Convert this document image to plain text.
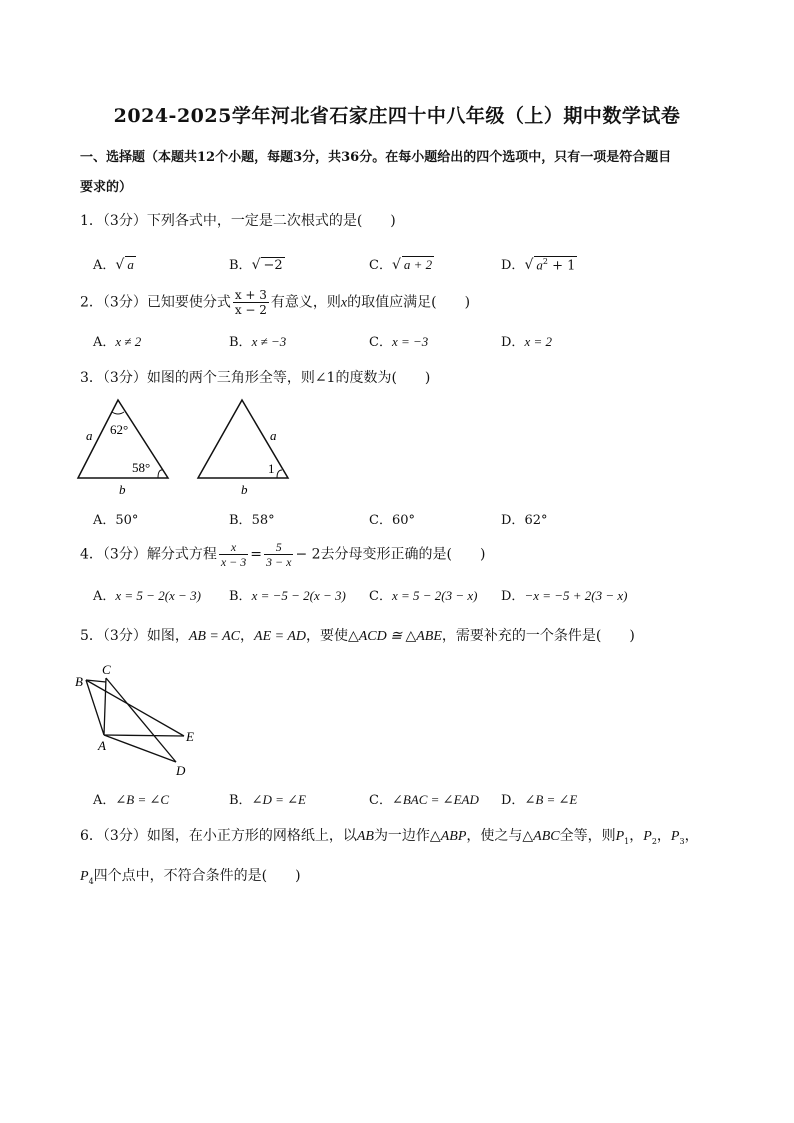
2024-2025学年河北省石家庄四十中八年级（上）期中数学试卷
一、选择题（本题共12个小题，每题3分，共36分。在每小题给出的四个选项中，只有一项是符合题目
要求的）
1．（3分）下列各式中，一定是二次根式的是(　　)
A．√ a	B．√ −2	C．√ a + 2	D．√ $a^2 + 1$
2．（3分）已知要使分式 $\frac{x + 3}{x - 2}$ 有意义，则x的取值应满足(　　)
A．x ≠ 2	B．x ≠ −3	C．x = −3	D．x = 2
3．（3分）如图的两个三角形全等，则∠1的度数为(　　)
a 62°
58°
b
a
1
b
A．50°	B．58°	C．60°	D．62°
4．（3分）解分式方程 $\frac{x}{x - 3} = \frac{5}{3 - x} - 2$去分母变形正确的是(　　)
A．x = 5 − 2(x − 3) B．x = −5 − 2(x − 3) C．x = 5 − 2(3 − x) D．−x = −5 + 2(3 − x)
5．（3分）如图，AB = AC，AE = AD，要使△ACD ≅ △ABE，需要补充的一个条件是(　　)
B
C
A
E
D
A．∠B = ∠C	B．∠D = ∠E	C．∠BAC = ∠EAD D．∠B = ∠E
6．（3分）如图，在小正方形的网格纸上，以AB为一边作△ABP，使之与△ABC全等，则$P_1$，$P_2$，$P_3$，
$P_4$四个点中，不符合条件的是(　　)
